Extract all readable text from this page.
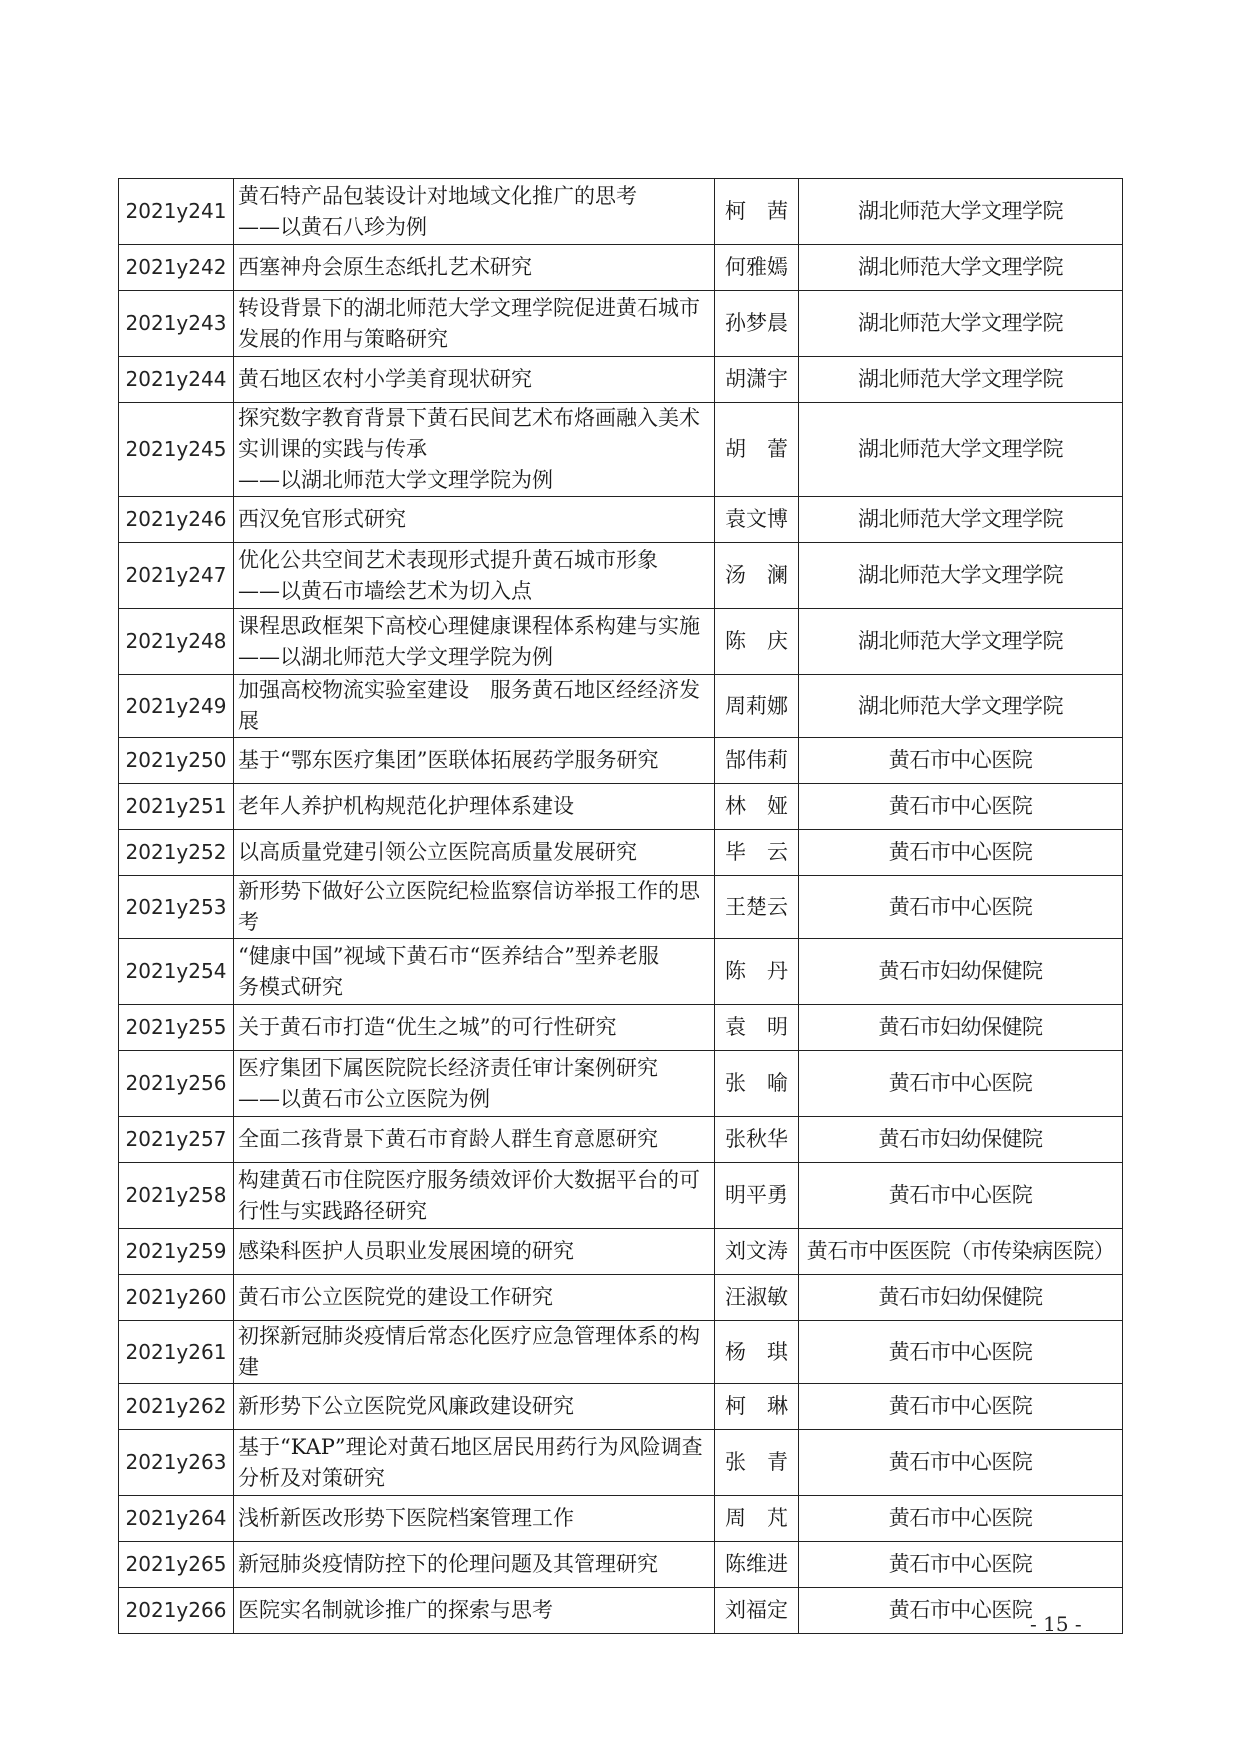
2021y241	黄石特产品包装设计对地域文化推广的思考
——以黄石八珍为例	柯　茜	湖北师范大学文理学院
2021y242	西塞神舟会原生态纸扎艺术研究	何雅嫣	湖北师范大学文理学院
2021y243	转设背景下的湖北师范大学文理学院促进黄石城市
发展的作用与策略研究	孙梦晨	湖北师范大学文理学院
2021y244	黄石地区农村小学美育现状研究	胡潇宇	湖北师范大学文理学院
2021y245	探究数字教育背景下黄石民间艺术布烙画融入美术
实训课的实践与传承
——以湖北师范大学文理学院为例	胡　蕾	湖北师范大学文理学院
2021y246	西汉免官形式研究	袁文博	湖北师范大学文理学院
2021y247	优化公共空间艺术表现形式提升黄石城市形象
——以黄石市墙绘艺术为切入点	汤　澜	湖北师范大学文理学院
2021y248	课程思政框架下高校心理健康课程体系构建与实施
——以湖北师范大学文理学院为例	陈　庆	湖北师范大学文理学院
2021y249	加强高校物流实验室建设　服务黄石地区经经济发展	周莉娜	湖北师范大学文理学院
2021y250	基于“鄂东医疗集团”医联体拓展药学服务研究	郜伟莉	黄石市中心医院
2021y251	老年人养护机构规范化护理体系建设	林　娅	黄石市中心医院
2021y252	以高质量党建引领公立医院高质量发展研究	毕　云	黄石市中心医院
2021y253	新形势下做好公立医院纪检监察信访举报工作的思考	王楚云	黄石市中心医院
2021y254	“健康中国”视域下黄石市“医养结合”型养老服
务模式研究	陈　丹	黄石市妇幼保健院
2021y255	关于黄石市打造“优生之城”的可行性研究	袁　明	黄石市妇幼保健院
2021y256	医疗集团下属医院院长经济责任审计案例研究
——以黄石市公立医院为例	张　喻	黄石市中心医院
2021y257	全面二孩背景下黄石市育龄人群生育意愿研究	张秋华	黄石市妇幼保健院
2021y258	构建黄石市住院医疗服务绩效评价大数据平台的可
行性与实践路径研究	明平勇	黄石市中心医院
2021y259	感染科医护人员职业发展困境的研究	刘文涛	黄石市中医医院（市传染病医院）
2021y260	黄石市公立医院党的建设工作研究	汪淑敏	黄石市妇幼保健院
2021y261	初探新冠肺炎疫情后常态化医疗应急管理体系的构建	杨　琪	黄石市中心医院
2021y262	新形势下公立医院党风廉政建设研究	柯　琳	黄石市中心医院
2021y263	基于“KAP”理论对黄石地区居民用药行为风险调查
分析及对策研究	张　青	黄石市中心医院
2021y264	浅析新医改形势下医院档案管理工作	周　芃	黄石市中心医院
2021y265	新冠肺炎疫情防控下的伦理问题及其管理研究	陈维进	黄石市中心医院
2021y266	医院实名制就诊推广的探索与思考	刘福定	黄石市中心医院
- 15 -
